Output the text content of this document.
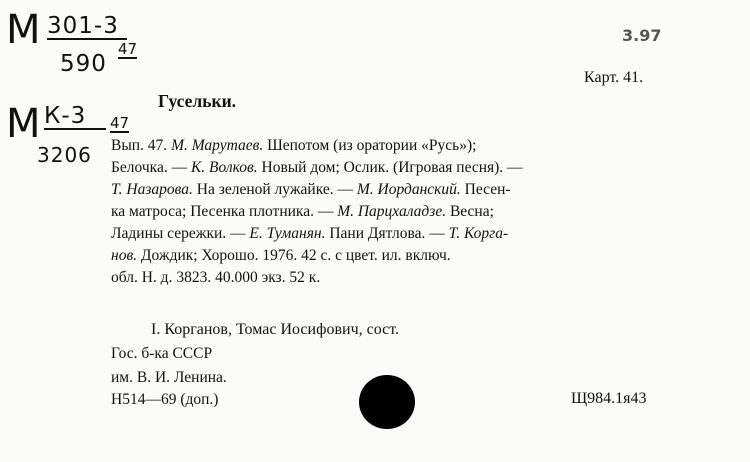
М 301-3
590
47
М К-3	47
3206
3.97
Карт. 41.
Гусельки.
Вып. 47. М. Марутаев. Шепотом (из оратории «Русь»);
Белочка. — К. Волков. Новый дом; Ослик. (Игровая песня). —
Т. Назарова. На зеленой лужайке. — М. Иорданский. Песен-
ка матроса; Песенка плотника. — М. Парцхаладзе. Весна;
Ладины сережки. — Е. Туманян. Пани Дятлова. — Т. Корга-
нов. Дождик; Хорошо. 1976. 42 с. с цвет. ил. включ.
обл. Н. д. 3823. 40.000 экз. 52 к.
I. Корганов, Томас Иосифович, сост.
Гос. б-ка СССР
им. В. И. Ленина.
Н514—69 (доп.)	Щ984.1я43
